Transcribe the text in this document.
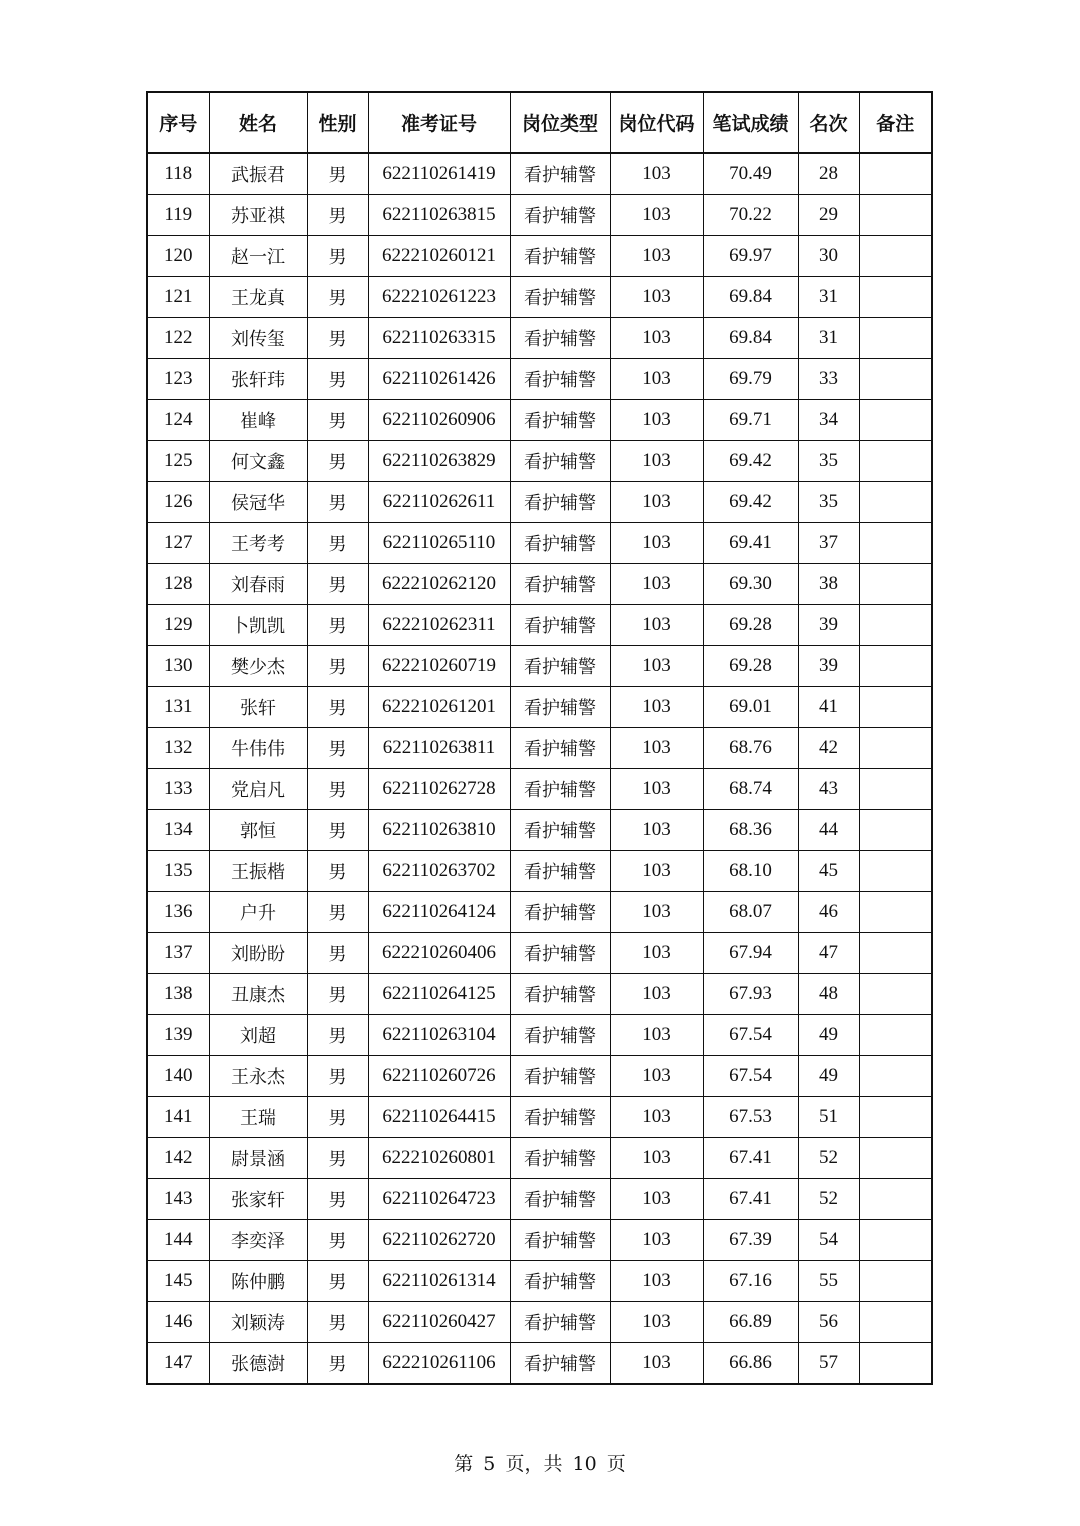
序号	姓名	性别	准考证号	岗位类型	岗位代码	笔试成绩	名次	备注
118	武振君	男	622110261419	看护辅警	103	70.49	28	
119	苏亚祺	男	622110263815	看护辅警	103	70.22	29	
120	赵一江	男	622210260121	看护辅警	103	69.97	30	
121	王龙真	男	622210261223	看护辅警	103	69.84	31	
122	刘传玺	男	622110263315	看护辅警	103	69.84	31	
123	张轩玮	男	622110261426	看护辅警	103	69.79	33	
124	崔峰	男	622110260906	看护辅警	103	69.71	34	
125	何文鑫	男	622110263829	看护辅警	103	69.42	35	
126	侯冠华	男	622110262611	看护辅警	103	69.42	35	
127	王考考	男	622110265110	看护辅警	103	69.41	37	
128	刘春雨	男	622210262120	看护辅警	103	69.30	38	
129	卜凯凯	男	622210262311	看护辅警	103	69.28	39	
130	樊少杰	男	622210260719	看护辅警	103	69.28	39	
131	张轩	男	622210261201	看护辅警	103	69.01	41	
132	牛伟伟	男	622110263811	看护辅警	103	68.76	42	
133	党启凡	男	622110262728	看护辅警	103	68.74	43	
134	郭恒	男	622110263810	看护辅警	103	68.36	44	
135	王振楷	男	622110263702	看护辅警	103	68.10	45	
136	户升	男	622110264124	看护辅警	103	68.07	46	
137	刘盼盼	男	622210260406	看护辅警	103	67.94	47	
138	丑康杰	男	622110264125	看护辅警	103	67.93	48	
139	刘超	男	622110263104	看护辅警	103	67.54	49	
140	王永杰	男	622110260726	看护辅警	103	67.54	49	
141	王瑞	男	622110264415	看护辅警	103	67.53	51	
142	尉景涵	男	622210260801	看护辅警	103	67.41	52	
143	张家轩	男	622110264723	看护辅警	103	67.41	52	
144	李奕泽	男	622110262720	看护辅警	103	67.39	54	
145	陈仲鹏	男	622110261314	看护辅警	103	67.16	55	
146	刘颖涛	男	622110260427	看护辅警	103	66.89	56	
147	张德澍	男	622210261106	看护辅警	103	66.86	57	
第 5 页，共 10 页
